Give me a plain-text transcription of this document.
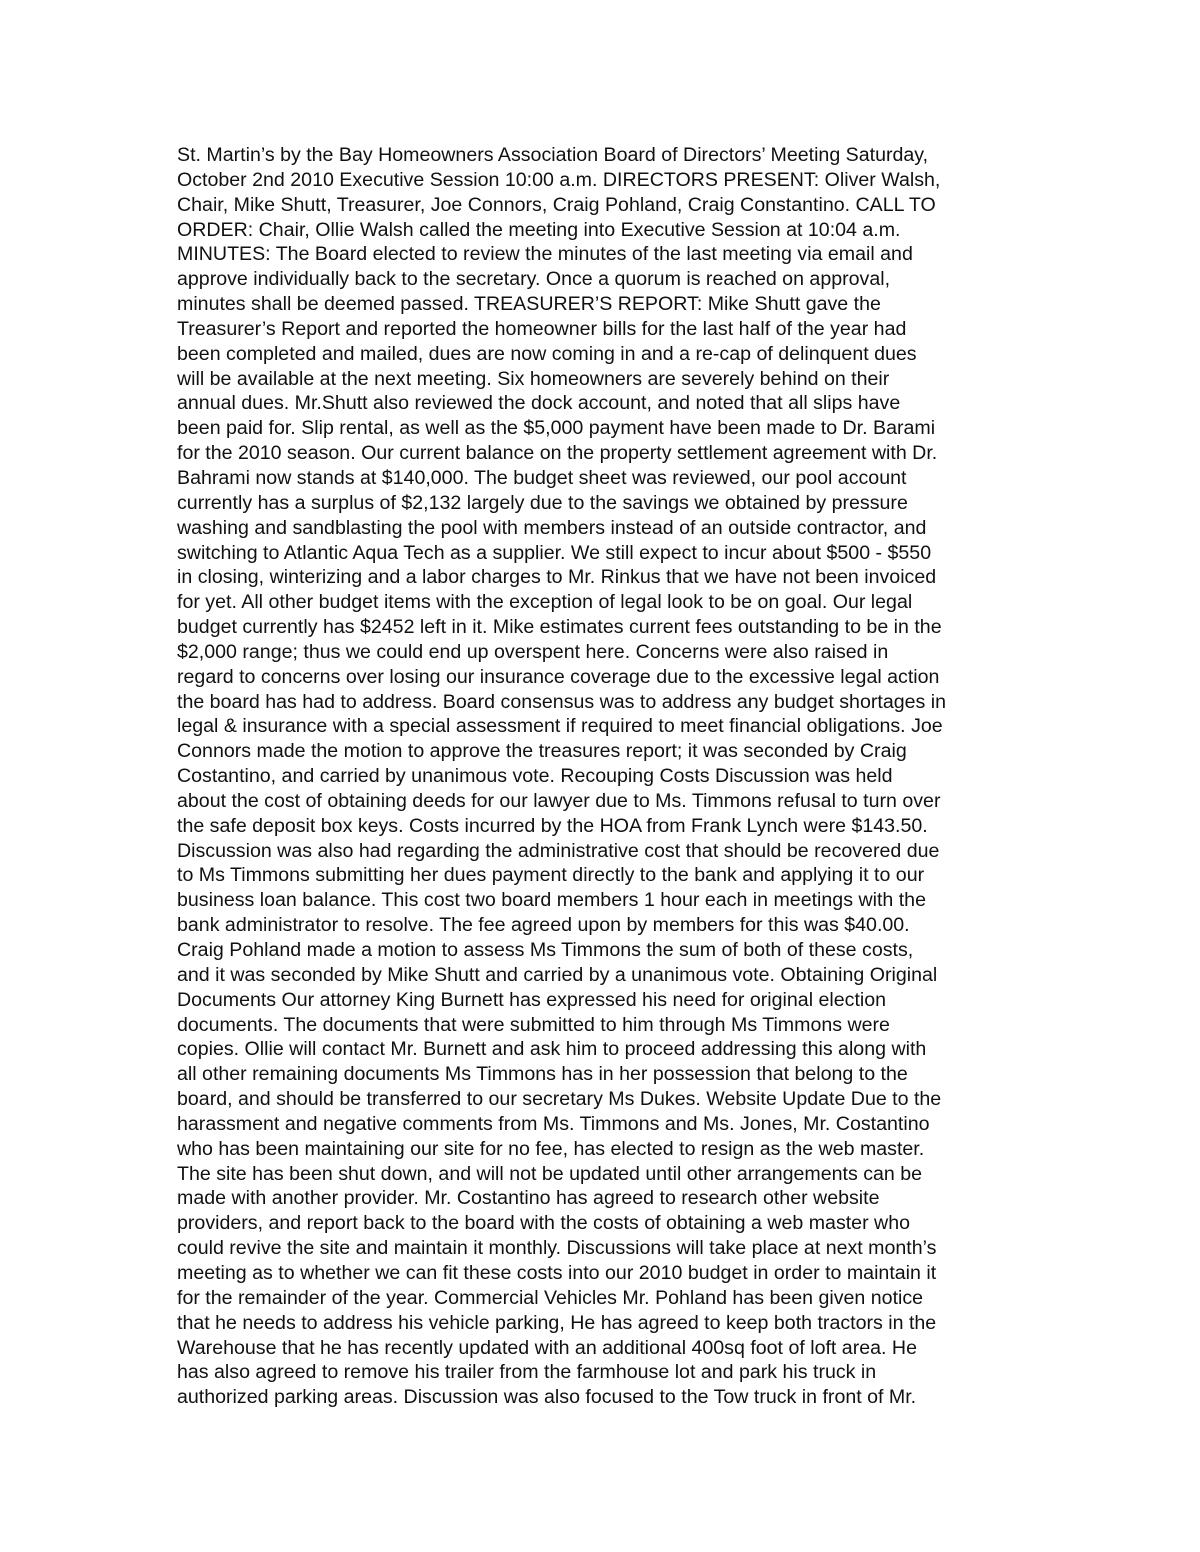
St. Martin’s by the Bay Homeowners Association Board of Directors’ Meeting Saturday,
October 2nd 2010 Executive Session 10:00 a.m. DIRECTORS PRESENT: Oliver Walsh,
Chair, Mike Shutt, Treasurer, Joe Connors, Craig Pohland, Craig Constantino. CALL TO
ORDER: Chair, Ollie Walsh called the meeting into Executive Session at 10:04 a.m.
MINUTES: The Board elected to review the minutes of the last meeting via email and
approve individually back to the secretary. Once a quorum is reached on approval,
minutes shall be deemed passed. TREASURER’S REPORT: Mike Shutt gave the
Treasurer’s Report and reported the homeowner bills for the last half of the year had
been completed and mailed, dues are now coming in and a re-cap of delinquent dues
will be available at the next meeting. Six homeowners are severely behind on their
annual dues. Mr.Shutt also reviewed the dock account, and noted that all slips have
been paid for. Slip rental, as well as the $5,000 payment have been made to Dr. Barami
for the 2010 season. Our current balance on the property settlement agreement with Dr.
Bahrami now stands at $140,000. The budget sheet was reviewed, our pool account
currently has a surplus of $2,132 largely due to the savings we obtained by pressure
washing and sandblasting the pool with members instead of an outside contractor, and
switching to Atlantic Aqua Tech as a supplier. We still expect to incur about $500 - $550
in closing, winterizing and a labor charges to Mr. Rinkus that we have not been invoiced
for yet. All other budget items with the exception of legal look to be on goal. Our legal
budget currently has $2452 left in it. Mike estimates current fees outstanding to be in the
$2,000 range; thus we could end up overspent here. Concerns were also raised in
regard to concerns over losing our insurance coverage due to the excessive legal action
the board has had to address. Board consensus was to address any budget shortages in
legal & insurance with a special assessment if required to meet financial obligations. Joe
Connors made the motion to approve the treasures report; it was seconded by Craig
Costantino, and carried by unanimous vote. Recouping Costs Discussion was held
about the cost of obtaining deeds for our lawyer due to Ms. Timmons refusal to turn over
the safe deposit box keys. Costs incurred by the HOA from Frank Lynch were $143.50.
Discussion was also had regarding the administrative cost that should be recovered due
to Ms Timmons submitting her dues payment directly to the bank and applying it to our
business loan balance. This cost two board members 1 hour each in meetings with the
bank administrator to resolve. The fee agreed upon by members for this was $40.00.
Craig Pohland made a motion to assess Ms Timmons the sum of both of these costs,
and it was seconded by Mike Shutt and carried by a unanimous vote. Obtaining Original
Documents Our attorney King Burnett has expressed his need for original election
documents. The documents that were submitted to him through Ms Timmons were
copies. Ollie will contact Mr. Burnett and ask him to proceed addressing this along with
all other remaining documents Ms Timmons has in her possession that belong to the
board, and should be transferred to our secretary Ms Dukes. Website Update Due to the
harassment and negative comments from Ms. Timmons and Ms. Jones, Mr. Costantino
who has been maintaining our site for no fee, has elected to resign as the web master.
The site has been shut down, and will not be updated until other arrangements can be
made with another provider. Mr. Costantino has agreed to research other website
providers, and report back to the board with the costs of obtaining a web master who
could revive the site and maintain it monthly. Discussions will take place at next month’s
meeting as to whether we can fit these costs into our 2010 budget in order to maintain it
for the remainder of the year. Commercial Vehicles Mr. Pohland has been given notice
that he needs to address his vehicle parking, He has agreed to keep both tractors in the
Warehouse that he has recently updated with an additional 400sq foot of loft area. He
has also agreed to remove his trailer from the farmhouse lot and park his truck in
authorized parking areas. Discussion was also focused to the Tow truck in front of Mr.
